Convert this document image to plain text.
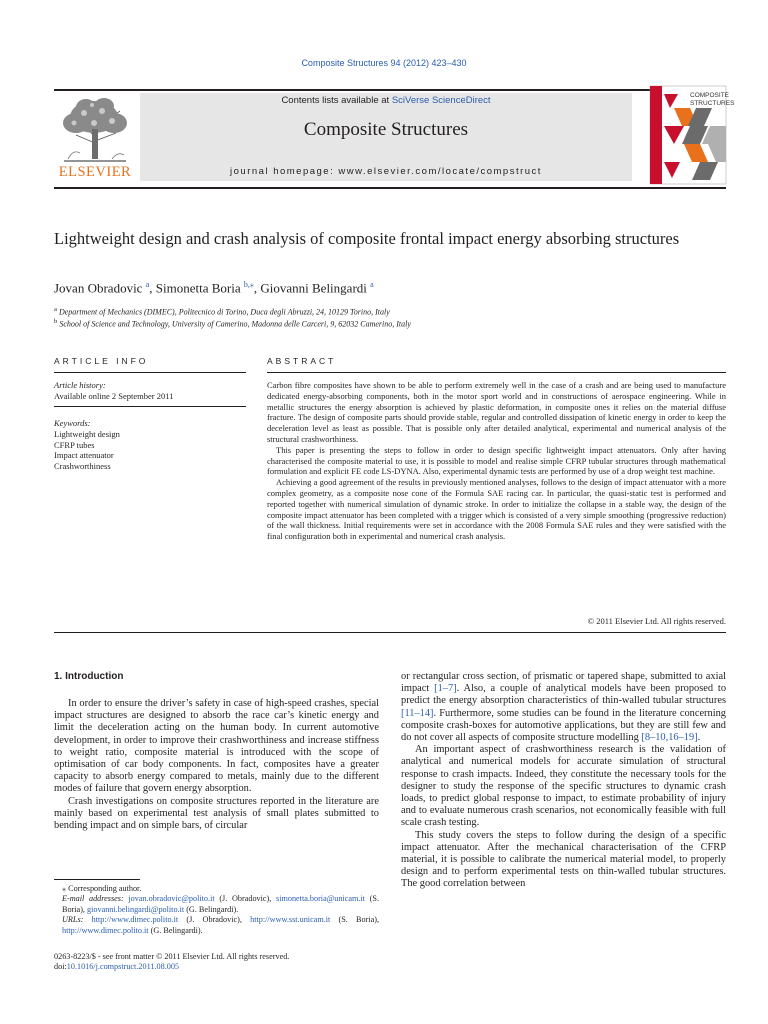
Composite Structures 94 (2012) 423–430
ELSEVIER
Contents lists available at SciVerse ScienceDirect
Composite Structures
journal homepage: www.elsevier.com/locate/compstruct
COMPOSITE
STRUCTURES
Lightweight design and crash analysis of composite frontal impact energy absorbing structures
Jovan Obradovic $^a$, Simonetta Boria $^{b,⁎}$, Giovanni Belingardi $^a$
$^a$ Department of Mechanics (DIMEC), Politecnico di Torino, Duca degli Abruzzi, 24, 10129 Torino, Italy
$^b$ School of Science and Technology, University of Camerino, Madonna delle Carceri, 9, 62032 Camerino, Italy
ARTICLE INFO
Article history:
Available online 2 September 2011
Keywords:
Lightweight design
CFRP tubes
Impact attenuator
Crashworthiness
ABSTRACT

Carbon fibre composites have shown to be able to perform extremely well in the case of a crash and are being used to manufacture dedicated energy-absorbing components, both in the motor sport world and in constructions of aerospace engineering. While in metallic structures the energy absorption is achieved by plastic deformation, in composite ones it relies on the material diffuse fracture. The design of composite parts should provide stable, regular and controlled dissipation of kinetic energy in order to keep the deceleration level as least as possible. That is possible only after detailed analytical, experimental and numerical analysis of the structural crashworthiness.

This paper is presenting the steps to follow in order to design specific lightweight impact attenuators. Only after having characterised the composite material to use, it is possible to model and realise simple CFRP tubular structures through mathematical formulation and explicit FE code LS-DYNA. Also, experimental dynamic tests are performed by use of a drop weight test machine.

Achieving a good agreement of the results in previously mentioned analyses, follows to the design of impact attenuator with a more complex geometry, as a composite nose cone of the Formula SAE racing car. In particular, the quasi-static test is performed and reported together with numerical simulation of dynamic stroke. In order to initialize the collapse in a stable way, the design of the composite impact attenuator has been completed with a trigger which is consisted of a very simple smoothing (progressive reduction) of the wall thickness. Initial requirements were set in accordance with the 2008 Formula SAE rules and they were satisfied with the final configuration both in experimental and numerical crash analysis.

© 2011 Elsevier Ltd. All rights reserved.
1. Introduction

In order to ensure the driver’s safety in case of high-speed crashes, special impact structures are designed to absorb the race car’s kinetic energy and limit the deceleration acting on the human body. In current automotive development, in order to improve their crashworthiness and increase stiffness to weight ratio, composite material is introduced with the scope of optimisation of car body components. In fact, composites have a greater capacity to absorb energy compared to metals, mainly due to the different modes of failure that govern energy absorption.

Crash investigations on composite structures reported in the literature are mainly based on experimental test analysis of small plates submitted to bending impact and on simple bars, of circular

or rectangular cross section, of prismatic or tapered shape, submitted to axial impact [1–7]. Also, a couple of analytical models have been proposed to predict the energy absorption characteristics of thin-walled tubular structures [11–14]. Furthermore, some studies can be found in the literature concerning composite crash-boxes for automotive applications, but they are still few and do not cover all aspects of composite structure modelling [8–10,16–19].

An important aspect of crashworthiness research is the validation of analytical and numerical models for accurate simulation of structural response to crash impacts. Indeed, they constitute the necessary tools for the designer to study the response of the specific structures to dynamic crash loads, to predict global response to impact, to estimate probability of injury and to evaluate numerous crash scenarios, not economically feasible with full scale crash testing.

This study covers the steps to follow during the design of a specific impact attenuator. After the mechanical characterisation of the CFRP material, it is possible to calibrate the numerical material model, to properly design and to perform experimental tests on thin-walled tubular structures. The good correlation between

⁎ Corresponding author.
E-mail addresses: jovan.obradovic@polito.it (J. Obradovic), simonetta.boria@unicam.it (S. Boria), giovanni.belingardi@polito.it (G. Belingardi).
URLs: http://www.dimec.polito.it (J. Obradovic), http://www.sst.unicam.it (S. Boria), http://www.dimec.polito.it (G. Belingardi).
0263-8223/$ - see front matter © 2011 Elsevier Ltd. All rights reserved.
doi:10.1016/j.compstruct.2011.08.005
